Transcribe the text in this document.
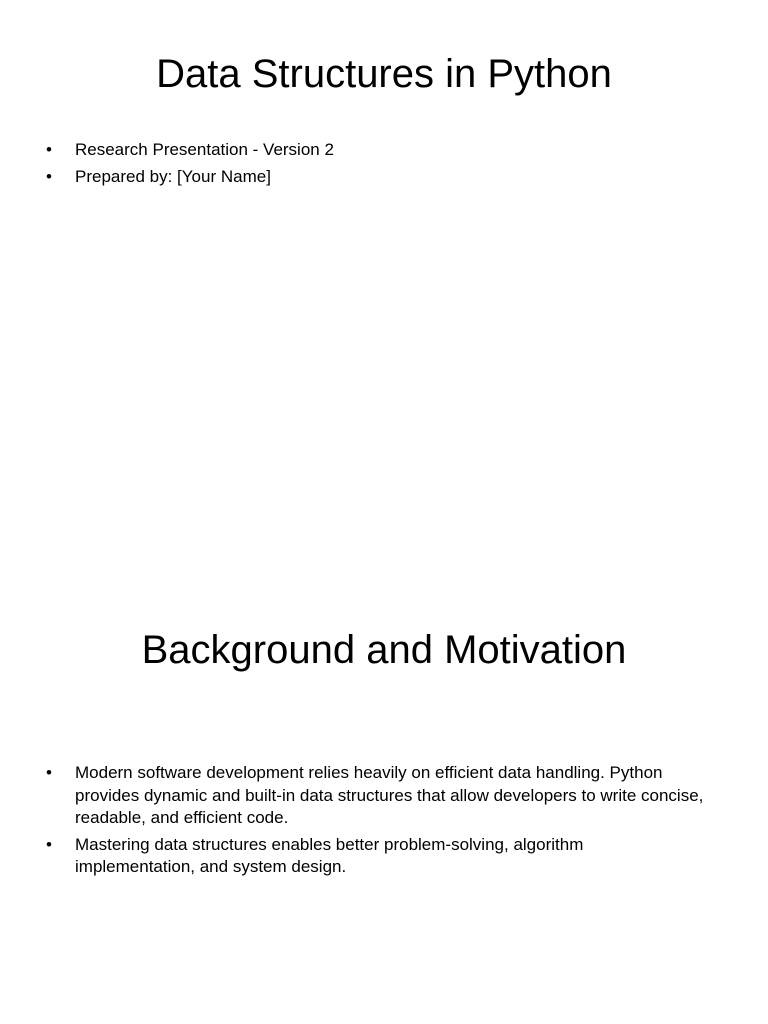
Data Structures in Python
• Research Presentation - Version 2
• Prepared by: [Your Name]
Background and Motivation
• Modern software development relies heavily on efficient data handling. Python provides dynamic and built-in data structures that allow developers to write concise, readable, and efficient code.
• Mastering data structures enables better problem-solving, algorithm implementation, and system design.
